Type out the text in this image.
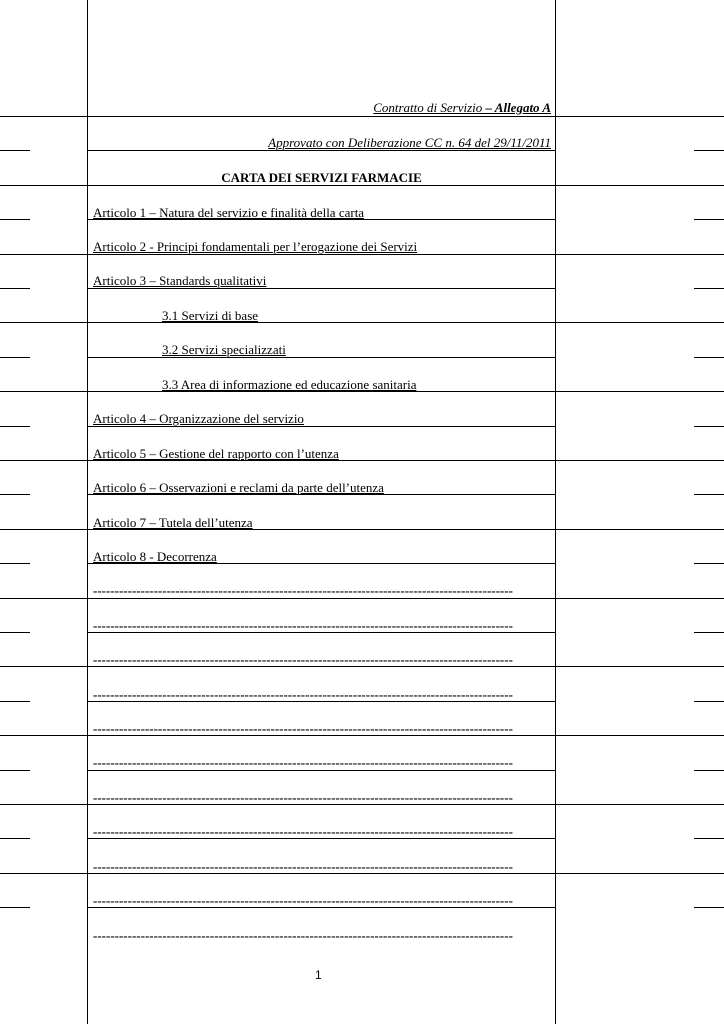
Contratto di Servizio – Allegato A
Approvato con Deliberazione CC n. 64 del 29/11/2011
CARTA DEI SERVIZI FARMACIE
Articolo 1 – Natura del servizio e finalità della carta
Articolo 2 - Principi fondamentali per l’erogazione dei Servizi
Articolo 3 – Standards qualitativi
3.1 Servizi di base
3.2 Servizi specializzati
3.3 Area di informazione ed educazione sanitaria
Articolo 4 – Organizzazione del servizio
Articolo 5 – Gestione del rapporto con l’utenza
Articolo 6 – Osservazioni e reclami da parte dell’utenza
Articolo 7 – Tutela dell’utenza
Articolo 8 - Decorrenza
-------------------------------------------------------------------------------------------------
-------------------------------------------------------------------------------------------------
-------------------------------------------------------------------------------------------------
-------------------------------------------------------------------------------------------------
-------------------------------------------------------------------------------------------------
-------------------------------------------------------------------------------------------------
-------------------------------------------------------------------------------------------------
-------------------------------------------------------------------------------------------------
-------------------------------------------------------------------------------------------------
-------------------------------------------------------------------------------------------------
-------------------------------------------------------------------------------------------------
1
